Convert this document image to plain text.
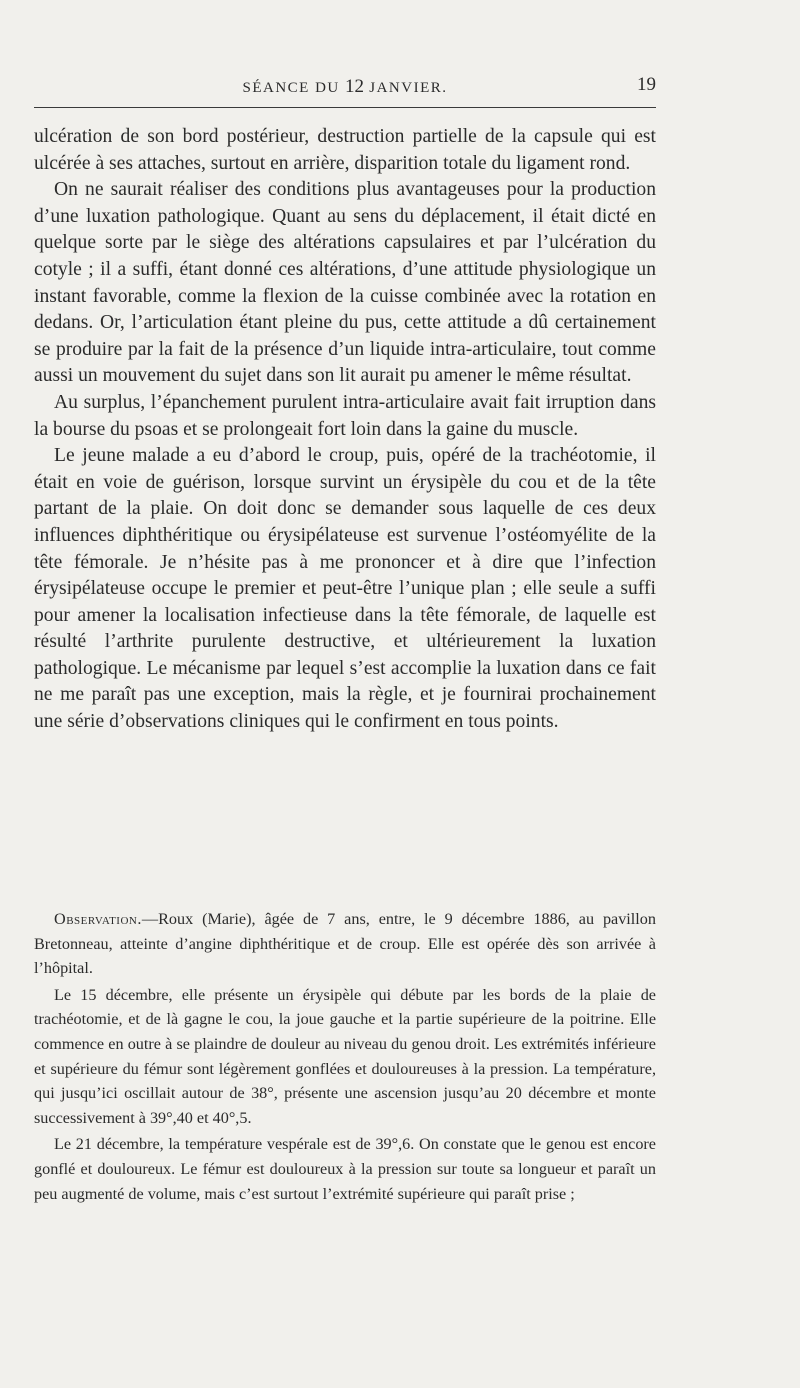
SÉANCE DU 12 JANVIER.	19

ulcération de son bord postérieur, destruction partielle de la capsule qui est ulcérée à ses attaches, surtout en arrière, disparition totale du ligament rond.

On ne saurait réaliser des conditions plus avantageuses pour la production d’une luxation pathologique. Quant au sens du déplacement, il était dicté en quelque sorte par le siège des altérations capsulaires et par l’ulcération du cotyle ; il a suffi, étant donné ces altérations, d’une attitude physiologique un instant favorable, comme la flexion de la cuisse combinée avec la rotation en dedans. Or, l’articulation étant pleine du pus, cette attitude a dû certainement se produire par la fait de la présence d’un liquide intra-articulaire, tout comme aussi un mouvement du sujet dans son lit aurait pu amener le même résultat.

Au surplus, l’épanchement purulent intra-articulaire avait fait irruption dans la bourse du psoas et se prolongeait fort loin dans la gaine du muscle.

Le jeune malade a eu d’abord le croup, puis, opéré de la trachéotomie, il était en voie de guérison, lorsque survint un érysipèle du cou et de la tête partant de la plaie. On doit donc se demander sous laquelle de ces deux influences diphthéritique ou érysipélateuse est survenue l’ostéomyélite de la tête fémorale. Je n’hésite pas à me prononcer et à dire que l’infection érysipélateuse occupe le premier et peut-être l’unique plan ; elle seule a suffi pour amener la localisation infectieuse dans la tête fémorale, de laquelle est résulté l’arthrite purulente destructive, et ultérieurement la luxation pathologique. Le mécanisme par lequel s’est accomplie la luxation dans ce fait ne me paraît pas une exception, mais la règle, et je fournirai prochainement une série d’observations cliniques qui le confirment en tous points.

Observation.—Roux (Marie), âgée de 7 ans, entre, le 9 décembre 1886, au pavillon Bretonneau, atteinte d’angine diphthéritique et de croup. Elle est opérée dès son arrivée à l’hôpital.

Le 15 décembre, elle présente un érysipèle qui débute par les bords de la plaie de trachéotomie, et de là gagne le cou, la joue gauche et la partie supérieure de la poitrine. Elle commence en outre à se plaindre de douleur au niveau du genou droit. Les extrémités inférieure et supérieure du fémur sont légèrement gonflées et douloureuses à la pression. La température, qui jusqu’ici oscillait autour de 38°, présente une ascension jusqu’au 20 décembre et monte successivement à 39°,40 et 40°,5.

Le 21 décembre, la température vespérale est de 39°,6. On constate que le genou est encore gonflé et douloureux. Le fémur est douloureux à la pression sur toute sa longueur et paraît un peu augmenté de volume, mais c’est surtout l’extrémité supérieure qui paraît prise ;
